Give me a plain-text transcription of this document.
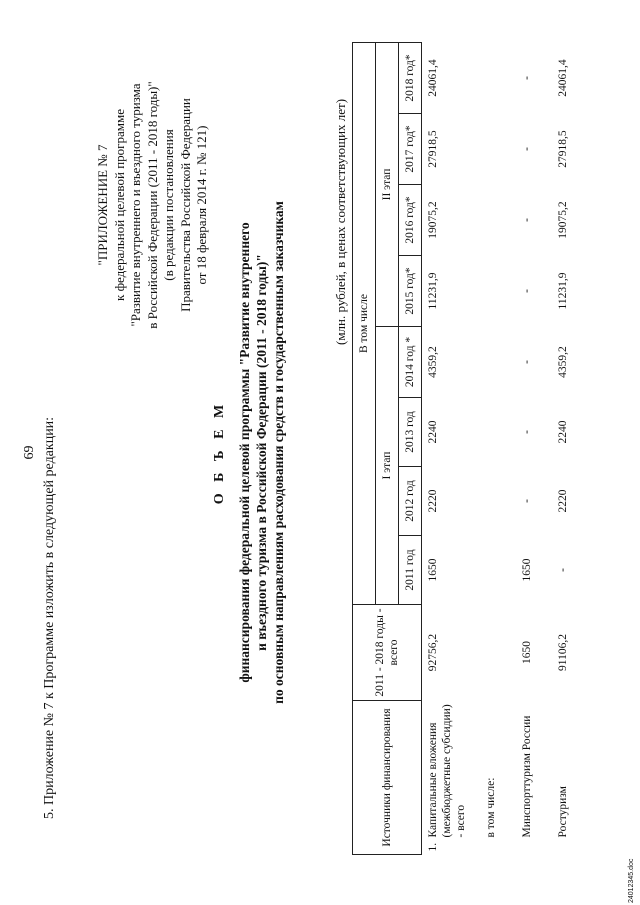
69 5. Приложение № 7 к Программе изложить в следующей редакции:
"ПРИЛОЖЕНИЕ № 7 к федеральной целевой программе "Развитие внутреннего и въездного туризма в Российской Федерации (2011 - 2018 годы)" (в редакции постановления Правительства Российской Федерации от 18 февраля 2014 г. № 121)
О Б Ъ Е М финансирования федеральной целевой программы "Развитие внутреннего и въездного туризма в Российской Федерации (2011 - 2018 годы)" по основным направлениям расходования средств и государственным заказчикам	(млн. рублей, в ценах соответствующих лет)
Источники финансирования	2011 - 2018 годы - всего	В том числе							
		I этап				II этап			
		2011 год	2012 год	2013 год	2014 год *	2015 год*	2016 год*	2017 год*	2018 год*

1.
Капитальные вложения (межбюджетные субсидии) - всего	92756,2	1650	2220	2240	4359,2	11231,9	19075,2	27918,5	24061,4

в том числе:									

Минспорттуризм России	1650	1650	-	-	-	-	-	-	-

Ростуризм	91106,2	-	2220	2240	4359,2	11231,9	19075,2	27918,5	24061,4
24012345.doc
